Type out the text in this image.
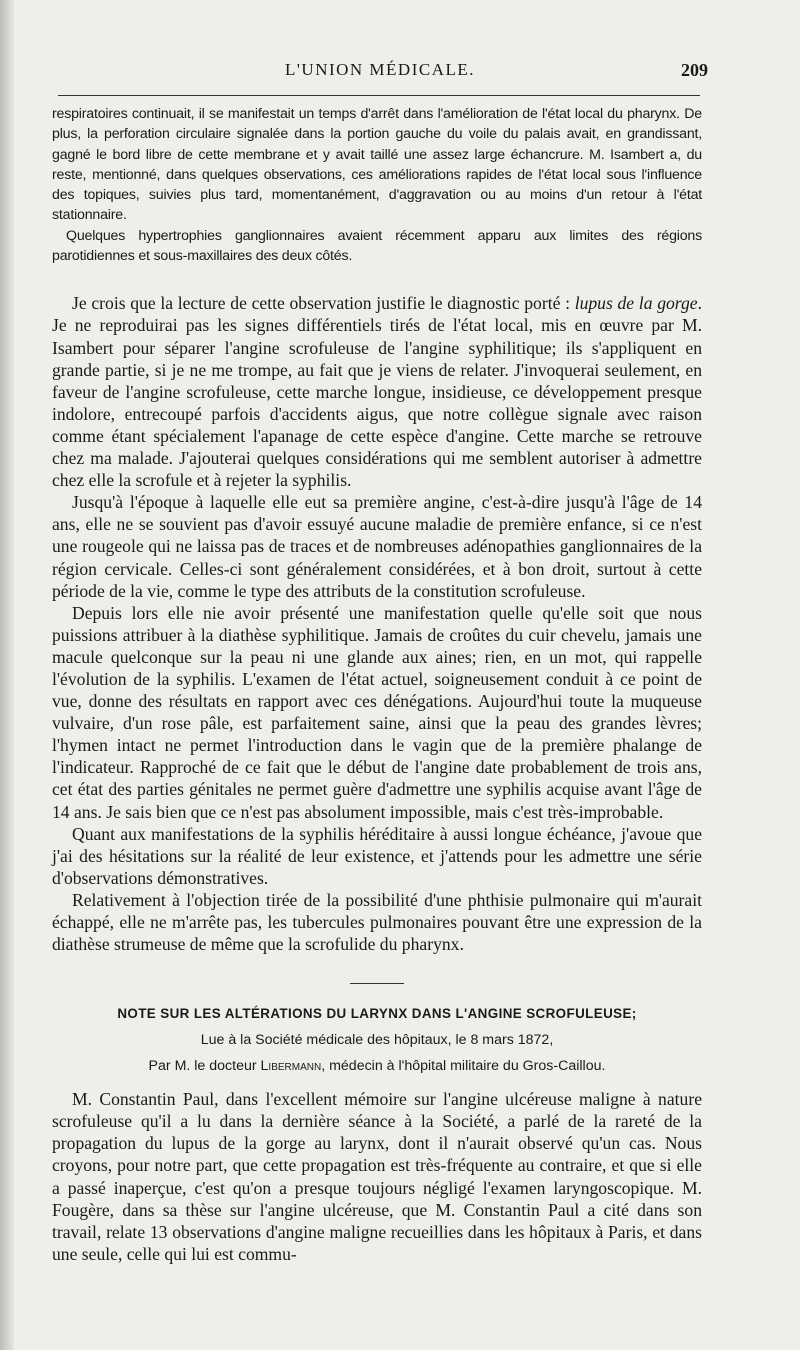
L'UNION MÉDICALE.	209

respiratoires continuait, il se manifestait un temps d'arrêt dans l'amélioration de l'état local du pharynx. De plus, la perforation circulaire signalée dans la portion gauche du voile du palais avait, en grandissant, gagné le bord libre de cette membrane et y avait taillé une assez large échancrure. M. Isambert a, du reste, mentionné, dans quelques observations, ces améliorations rapides de l'état local sous l'influence des topiques, suivies plus tard, momentanément, d'aggravation ou au moins d'un retour à l'état stationnaire.

Quelques hypertrophies ganglionnaires avaient récemment apparu aux limites des régions parotidiennes et sous-maxillaires des deux côtés.

Je crois que la lecture de cette observation justifie le diagnostic porté : lupus de la gorge. Je ne reproduirai pas les signes différentiels tirés de l'état local, mis en œuvre par M. Isambert pour séparer l'angine scrofuleuse de l'angine syphilitique; ils s'appliquent en grande partie, si je ne me trompe, au fait que je viens de relater. J'invoquerai seulement, en faveur de l'angine scrofuleuse, cette marche longue, insidieuse, ce développement presque indolore, entrecoupé parfois d'accidents aigus, que notre collègue signale avec raison comme étant spécialement l'apanage de cette espèce d'angine. Cette marche se retrouve chez ma malade. J'ajouterai quelques considérations qui me semblent autoriser à admettre chez elle la scrofule et à rejeter la syphilis.

Jusqu'à l'époque à laquelle elle eut sa première angine, c'est-à-dire jusqu'à l'âge de 14 ans, elle ne se souvient pas d'avoir essuyé aucune maladie de première enfance, si ce n'est une rougeole qui ne laissa pas de traces et de nombreuses adénopathies ganglionnaires de la région cervicale. Celles-ci sont généralement considérées, et à bon droit, surtout à cette période de la vie, comme le type des attributs de la constitution scrofuleuse.

Depuis lors elle nie avoir présenté une manifestation quelle qu'elle soit que nous puissions attribuer à la diathèse syphilitique. Jamais de croûtes du cuir chevelu, jamais une macule quelconque sur la peau ni une glande aux aines; rien, en un mot, qui rappelle l'évolution de la syphilis. L'examen de l'état actuel, soigneusement conduit à ce point de vue, donne des résultats en rapport avec ces dénégations. Aujourd'hui toute la muqueuse vulvaire, d'un rose pâle, est parfaitement saine, ainsi que la peau des grandes lèvres; l'hymen intact ne permet l'introduction dans le vagin que de la première phalange de l'indicateur. Rapproché de ce fait que le début de l'angine date probablement de trois ans, cet état des parties génitales ne permet guère d'admettre une syphilis acquise avant l'âge de 14 ans. Je sais bien que ce n'est pas absolument impossible, mais c'est très-improbable.

Quant aux manifestations de la syphilis héréditaire à aussi longue échéance, j'avoue que j'ai des hésitations sur la réalité de leur existence, et j'attends pour les admettre une série d'observations démonstratives.

Relativement à l'objection tirée de la possibilité d'une phthisie pulmonaire qui m'aurait échappé, elle ne m'arrête pas, les tubercules pulmonaires pouvant être une expression de la diathèse strumeuse de même que la scrofulide du pharynx.

NOTE SUR LES ALTÉRATIONS DU LARYNX DANS L'ANGINE SCROFULEUSE;
Lue à la Société médicale des hôpitaux, le 8 mars 1872,
Par M. le docteur Libermann, médecin à l'hôpital militaire du Gros-Caillou.

M. Constantin Paul, dans l'excellent mémoire sur l'angine ulcéreuse maligne à nature scrofuleuse qu'il a lu dans la dernière séance à la Société, a parlé de la rareté de la propagation du lupus de la gorge au larynx, dont il n'aurait observé qu'un cas. Nous croyons, pour notre part, que cette propagation est très-fréquente au contraire, et que si elle a passé inaperçue, c'est qu'on a presque toujours négligé l'examen laryngoscopique. M. Fougère, dans sa thèse sur l'angine ulcéreuse, que M. Constantin Paul a cité dans son travail, relate 13 observations d'angine maligne recueillies dans les hôpitaux à Paris, et dans une seule, celle qui lui est commu-
